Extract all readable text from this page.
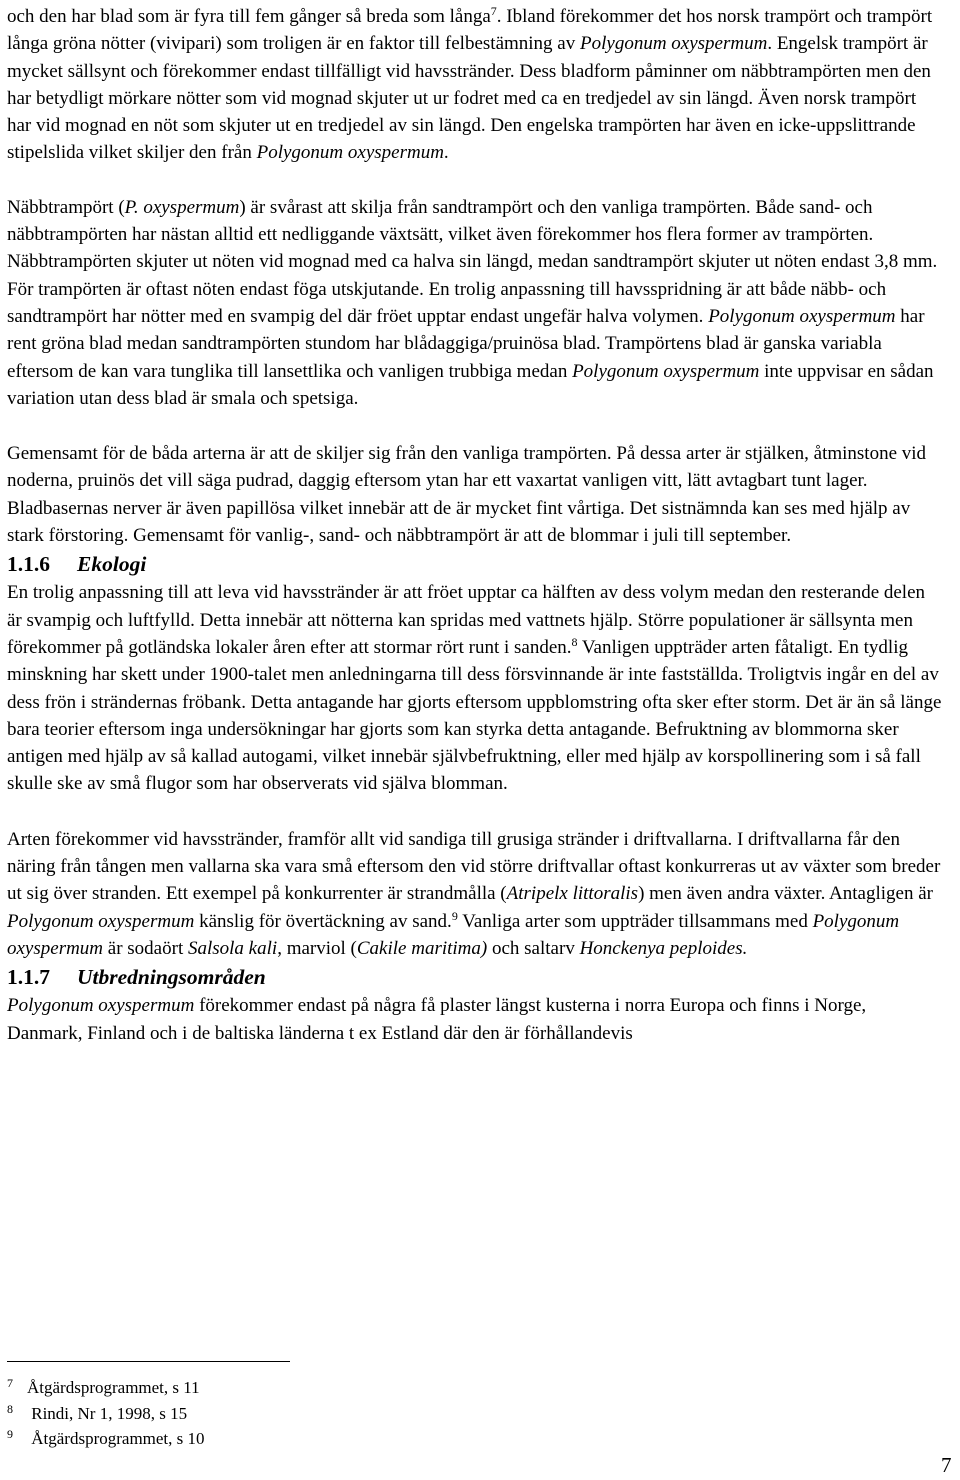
och den har blad som är fyra till fem gånger så breda som långa$^7$. Ibland förekommer det hos norsk trampört och trampört långa gröna nötter (vivipari) som troligen är en faktor till felbestämning av Polygonum oxyspermum. Engelsk trampört är mycket sällsynt och förekommer endast tillfälligt vid havsstränder. Dess bladform påminner om näbbtrampörten men den har betydligt mörkare nötter som vid mognad skjuter ut ur fodret med ca en tredjedel av sin längd. Även norsk trampört har vid mognad en nöt som skjuter ut en tredjedel av sin längd. Den engelska trampörten har även en icke-uppslittrande stipelslida vilket skiljer den från Polygonum oxyspermum.

Näbbtrampört (P. oxyspermum) är svårast att skilja från sandtrampört och den vanliga trampörten. Både sand- och näbbtrampörten har nästan alltid ett nedliggande växtsätt, vilket även förekommer hos flera former av trampörten. Näbbtrampörten skjuter ut nöten vid mognad med ca halva sin längd, medan sandtrampört skjuter ut nöten endast 3,8 mm. För trampörten är oftast nöten endast föga utskjutande. En trolig anpassning till havsspridning är att både näbb- och sandtrampört har nötter med en svampig del där fröet upptar endast ungefär halva volymen. Polygonum oxyspermum har rent gröna blad medan sandtrampörten stundom har blådaggiga/pruinösa blad. Trampörtens blad är ganska variabla eftersom de kan vara tunglika till lansettlika och vanligen trubbiga medan Polygonum oxyspermum inte uppvisar en sådan variation utan dess blad är smala och spetsiga.

Gemensamt för de båda arterna är att de skiljer sig från den vanliga trampörten. På dessa arter är stjälken, åtminstone vid noderna, pruinös det vill säga pudrad, daggig eftersom ytan har ett vaxartat vanligen vitt, lätt avtagbart tunt lager. Bladbasernas nerver är även papillösa vilket innebär att de är mycket fint vårtiga. Det sistnämnda kan ses med hjälp av stark förstoring. Gemensamt för vanlig-, sand- och näbbtrampört är att de blommar i juli till september.

1.1.6 Ekologi

En trolig anpassning till att leva vid havsstränder är att fröet upptar ca hälften av dess volym medan den resterande delen är svampig och luftfylld. Detta innebär att nötterna kan spridas med vattnets hjälp. Större populationer är sällsynta men förekommer på gotländska lokaler åren efter att stormar rört runt i sanden.$^8$ Vanligen uppträder arten fåtaligt. En tydlig minskning har skett under 1900-talet men anledningarna till dess försvinnande är inte fastställda. Troligtvis ingår en del av dess frön i strändernas fröbank. Detta antagande har gjorts eftersom uppblomstring ofta sker efter storm. Det är än så länge bara teorier eftersom inga undersökningar har gjorts som kan styrka detta antagande. Befruktning av blommorna sker antigen med hjälp av så kallad autogami, vilket innebär självbefruktning, eller med hjälp av korspollinering som i så fall skulle ske av små flugor som har observerats vid själva blomman.

Arten förekommer vid havsstränder, framför allt vid sandiga till grusiga stränder i driftvallarna. I driftvallarna får den näring från tången men vallarna ska vara små eftersom den vid större driftvallar oftast konkurreras ut av växter som breder ut sig över stranden. Ett exempel på konkurrenter är strandmålla (Atripelx littoralis) men även andra växter. Antagligen är Polygonum oxyspermum känslig för övertäckning av sand.$^9$ Vanliga arter som uppträder tillsammans med Polygonum oxyspermum är sodaört Salsola kali, marviol (Cakile maritima) och saltarv Honckenya peploides.

1.1.7 Utbredningsområden

Polygonum oxyspermum förekommer endast på några få plaster längst kusterna i norra Europa och finns i Norge, Danmark, Finland och i de baltiska länderna t ex Estland där den är förhållandevis

7 Åtgärdsprogrammet, s 11
8 Rindi, Nr 1, 1998, s 15
9 Åtgärdsprogrammet, s 10
7
